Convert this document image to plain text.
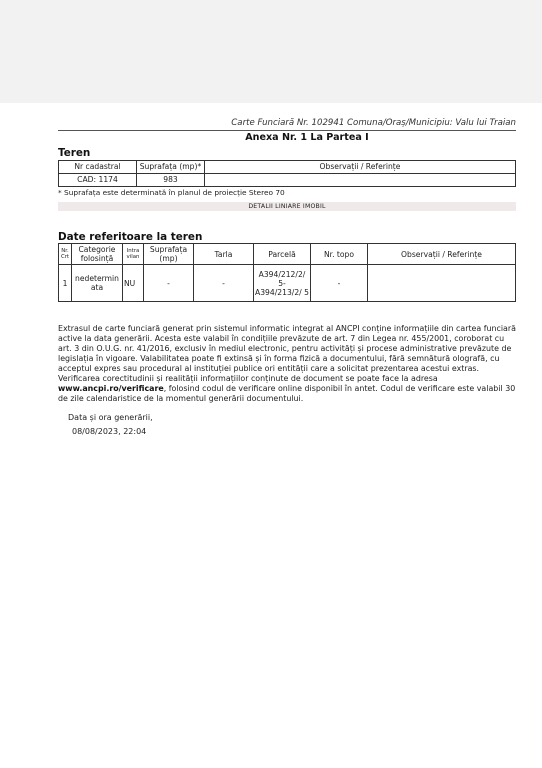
Carte Funciară Nr. 102941 Comuna/Oraș/Municipiu: Valu lui Traian
Anexa Nr. 1 La Partea I
Teren
Nr cadastral	Suprafața (mp)*	Observații / Referințe
CAD: 1174	983	
* Suprafața este determinată în planul de proiecție Stereo 70
DETALII LINIARE IMOBIL
Date referitoare la teren
Nr. Crt	Categorie folosință	Intra vilan	Suprafața (mp)	Tarla	Parcelă	Nr. topo	Observații / Referințe
1	nedetermin ata	NU	-	-	A394/212/2/ 5- A394/213/2/ 5	-	
Extrasul de carte funciară generat prin sistemul informatic integrat al ANCPI conține informațiile din cartea funciară active la data generării. Acesta este valabil în condițiile prevăzute de art. 7 din Legea nr. 455/2001, coroborat cu art. 3 din O.U.G. nr. 41/2016, exclusiv în mediul electronic, pentru activități și procese administrative prevăzute de legislația în vigoare. Valabilitatea poate fi extinsă și în forma fizică a documentului, fără semnătură olografă, cu acceptul expres sau procedural al instituției publice ori entității care a solicitat prezentarea acestui extras.
Verificarea corectitudinii și realității informațiilor conținute de document se poate face la adresa www.ancpi.ro/verificare, folosind codul de verificare online disponibil în antet. Codul de verificare este valabil 30 de zile calendaristice de la momentul generării documentului.
Data și ora generării,
08/08/2023, 22:04
